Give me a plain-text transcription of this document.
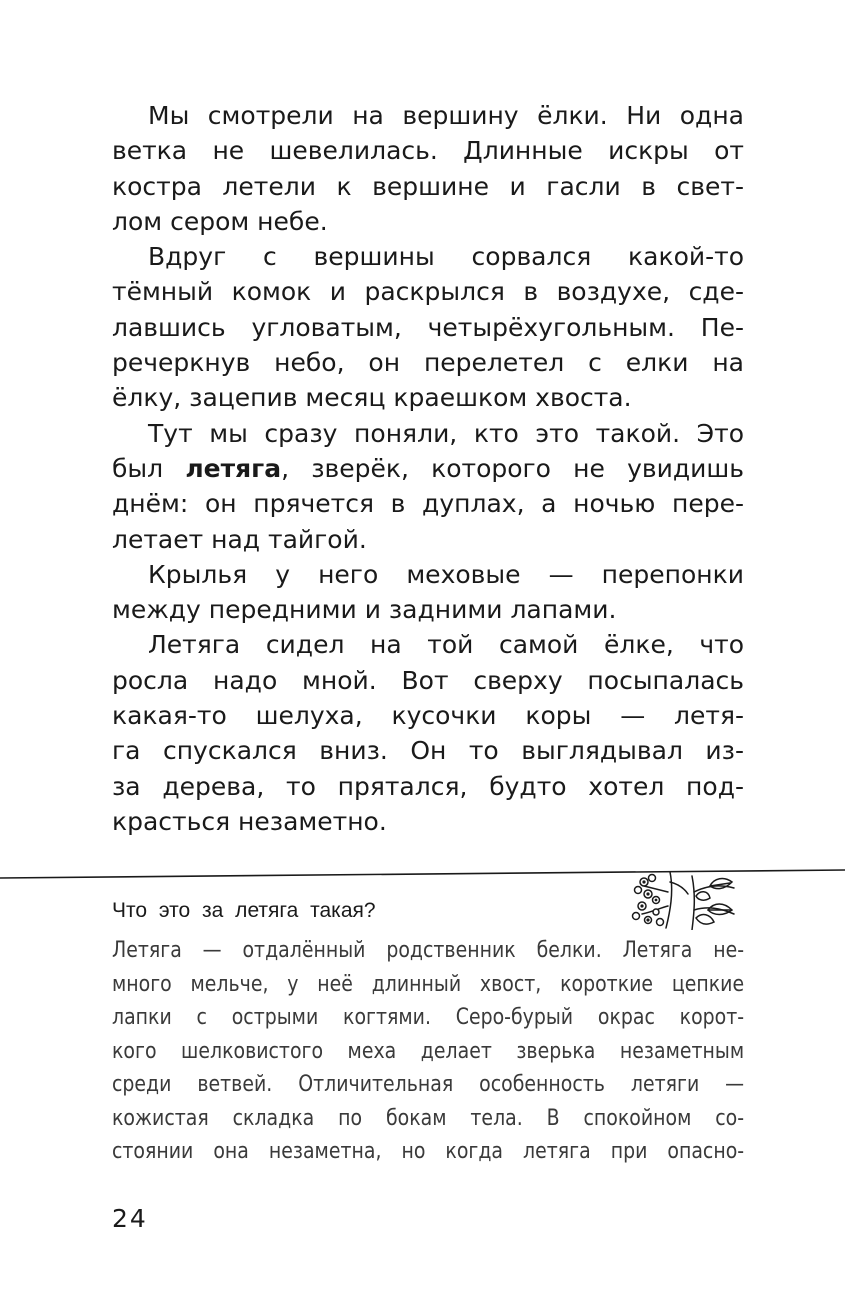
Мы смотрели на вершину ёлки. Ни одна
ветка не шевелилась. Длинные искры от
костра летели к вершине и гасли в свет-
лом сером небе.
Вдруг с вершины сорвался какой-то
тёмный комок и раскрылся в воздухе, сде-
лавшись угловатым, четырёхугольным. Пе-
речеркнув небо, он перелетел с елки на
ёлку, зацепив месяц краешком хвоста.
Тут мы сразу поняли, кто это такой. Это
был летяга, зверёк, которого не увидишь
днём: он прячется в дуплах, а ночью пере-
летает над тайгой.
Крылья у него меховые — перепонки
между передними и задними лапами.
Летяга сидел на той самой ёлке, что
росла надо мной. Вот сверху посыпалась
какая-то шелуха, кусочки коры — летя-
га спускался вниз. Он то выглядывал из-
за дерева, то прятался, будто хотел под-
красться незаметно.

Что это за летяга такая?

Летяга — отдалённый родственник белки. Летяга не-
много мельче, у неё длинный хвост, короткие цепкие
лапки с острыми когтями. Серо-бурый окрас корот-
кого шелковистого меха делает зверька незаметным
среди ветвей. Отличительная особенность летяги —
кожистая складка по бокам тела. В спокойном со-
стоянии она незаметна, но когда летяга при опасно-

24
